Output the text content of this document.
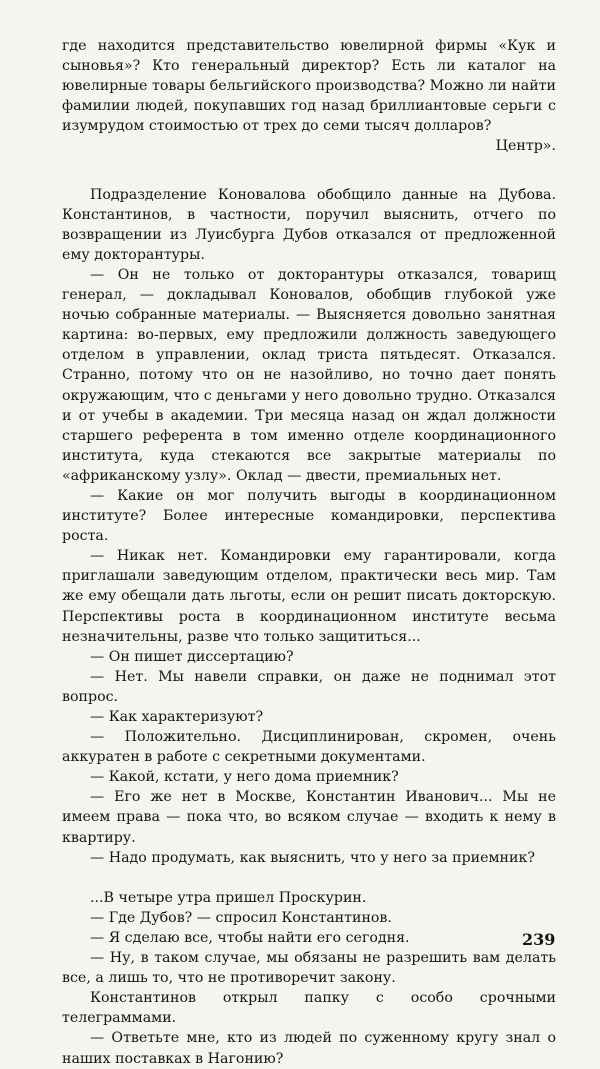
где находится представительство ювелирной фирмы «Кук и сыновья»? Кто генеральный директор? Есть ли каталог на ювелирные товары бельгийского производства? Можно ли найти фамилии людей, покупавших год назад бриллиантовые серьги с изумрудом стоимостью от трех до семи тысяч долларов?

Центр».

Подразделение Коновалова обобщило данные на Дубова. Константинов, в частности, поручил выяснить, отчего по возвращении из Луисбурга Дубов отказался от предложенной ему докторантуры.

— Он не только от докторантуры отказался, товарищ генерал, — докладывал Коновалов, обобщив глубокой уже ночью собранные материалы. — Выясняется довольно занятная картина: во-первых, ему предложили должность заведующего отделом в управлении, оклад триста пятьдесят. Отказался. Странно, потому что он не назойливо, но точно дает понять окружающим, что с деньгами у него довольно трудно. Отказался и от учебы в академии. Три месяца назад он ждал должности старшего референта в том именно отделе координационного института, куда стекаются все закрытые материалы по «африканскому узлу». Оклад — двести, премиальных нет.

— Какие он мог получить выгоды в координационном институте? Более интересные командировки, перспектива роста.

— Никак нет. Командировки ему гарантировали, когда приглашали заведующим отделом, практически весь мир. Там же ему обещали дать льготы, если он решит писать докторскую. Перспективы роста в координационном институте весьма незначительны, разве что только защититься...

— Он пишет диссертацию?

— Нет. Мы навели справки, он даже не поднимал этот вопрос.

— Как характеризуют?

— Положительно. Дисциплинирован, скромен, очень аккуратен в работе с секретными документами.

— Какой, кстати, у него дома приемник?

— Его же нет в Москве, Константин Иванович... Мы не имеем права — пока что, во всяком случае — входить к нему в квартиру.

— Надо продумать, как выяснить, что у него за приемник?

...В четыре утра пришел Проскурин.

— Где Дубов? — спросил Константинов.

— Я сделаю все, чтобы найти его сегодня.

— Ну, в таком случае, мы обязаны не разрешить вам делать все, а лишь то, что не противоречит закону.

Константинов открыл папку с особо срочными телеграммами.

— Ответьте мне, кто из людей по суженному кругу знал о наших поставках в Нагонию?

239
